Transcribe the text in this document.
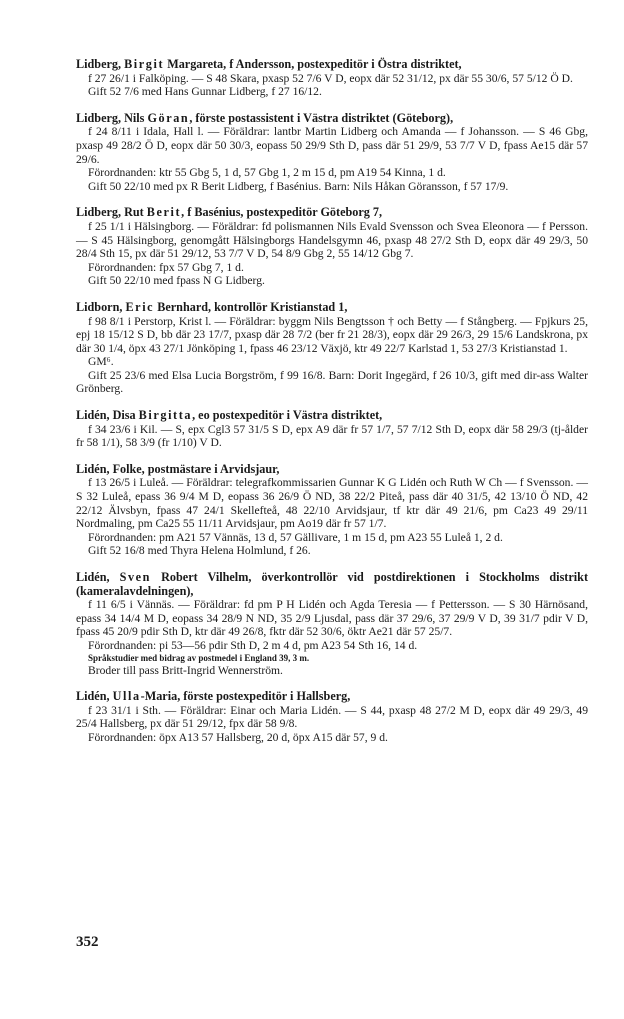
Lidberg, Birgit Margareta, f Andersson, postexpeditör i Östra distriktet,

f 27 26/1 i Falköping. — S 48 Skara, pxasp 52 7/6 V D, eopx där 52 31/12, px där 55 30/6, 57 5/12 Ö D.

Gift 52 7/6 med Hans Gunnar Lidberg, f 27 16/12.

Lidberg, Nils Göran, förste postassistent i Västra distriktet (Göteborg),

f 24 8/11 i Idala, Hall l. — Föräldrar: lantbr Martin Lidberg och Amanda — f Johansson. — S 46 Gbg, pxasp 49 28/2 Ö D, eopx där 50 30/3, eopass 50 29/9 Sth D, pass där 51 29/9, 53 7/7 V D, fpass Ae15 där 57 29/6.

Förordnanden: ktr 55 Gbg 5, 1 d, 57 Gbg 1, 2 m 15 d, pm A19 54 Kinna, 1 d.

Gift 50 22/10 med px R Berit Lidberg, f Basénius. Barn: Nils Håkan Göransson, f 57 17/9.

Lidberg, Rut Berit, f Basénius, postexpeditör Göteborg 7,

f 25 1/1 i Hälsingborg. — Föräldrar: fd polismannen Nils Evald Svensson och Svea Eleonora — f Persson. — S 45 Hälsingborg, genomgått Hälsingborgs Handelsgymn 46, pxasp 48 27/2 Sth D, eopx där 49 29/3, 50 28/4 Sth 15, px där 51 29/12, 53 7/7 V D, 54 8/9 Gbg 2, 55 14/12 Gbg 7.

Förordnanden: fpx 57 Gbg 7, 1 d.

Gift 50 22/10 med fpass N G Lidberg.

Lidborn, Eric Bernhard, kontrollör Kristianstad 1,

f 98 8/1 i Perstorp, Krist l. — Föräldrar: byggm Nils Bengtsson † och Betty — f Stångberg. — Fpjkurs 25, epj 18 15/12 S D, bb där 23 17/7, pxasp där 28 7/2 (ber fr 21 28/3), eopx där 29 26/3, 29 15/6 Landskrona, px där 30 1/4, öpx 43 27/1 Jönköping 1, fpass 46 23/12 Växjö, ktr 49 22/7 Karlstad 1, 53 27/3 Kristianstad 1.

GM⁶.

Gift 25 23/6 med Elsa Lucia Borgström, f 99 16/8. Barn: Dorit Ingegärd, f 26 10/3, gift med dir-ass Walter Grönberg.

Lidén, Disa Birgitta, eo postexpeditör i Västra distriktet,

f 34 23/6 i Kil. — S, epx Cgl3 57 31/5 S D, epx A9 där fr 57 1/7, 57 7/12 Sth D, eopx där 58 29/3 (tj-ålder fr 58 1/1), 58 3/9 (fr 1/10) V D.

Lidén, Folke, postmästare i Arvidsjaur,

f 13 26/5 i Luleå. — Föräldrar: telegrafkommissarien Gunnar K G Lidén och Ruth W Ch — f Svensson. — S 32 Luleå, epass 36 9/4 M D, eopass 36 26/9 Ö ND, 38 22/2 Piteå, pass där 40 31/5, 42 13/10 Ö ND, 42 22/12 Älvsbyn, fpass 47 24/1 Skellefteå, 48 22/10 Arvidsjaur, tf ktr där 49 21/6, pm Ca23 49 29/11 Nordmaling, pm Ca25 55 11/11 Arvidsjaur, pm Ao19 där fr 57 1/7.

Förordnanden: pm A21 57 Vännäs, 13 d, 57 Gällivare, 1 m 15 d, pm A23 55 Luleå 1, 2 d.

Gift 52 16/8 med Thyra Helena Holmlund, f 26.

Lidén, Sven Robert Vilhelm, överkontrollör vid postdirektionen i Stockholms distrikt (kameralavdelningen),

f 11 6/5 i Vännäs. — Föräldrar: fd pm P H Lidén och Agda Teresia — f Pettersson. — S 30 Härnösand, epass 34 14/4 M D, eopass 34 28/9 N ND, 35 2/9 Ljusdal, pass där 37 29/6, 37 29/9 V D, 39 31/7 pdir V D, fpass 45 20/9 pdir Sth D, ktr där 49 26/8, fktr där 52 30/6, öktr Ae21 där 57 25/7.

Förordnanden: pi 53—56 pdir Sth D, 2 m 4 d, pm A23 54 Sth 16, 14 d.

Språkstudier med bidrag av postmedel i England 39, 3 m.

Broder till pass Britt-Ingrid Wennerström.

Lidén, Ulla-Maria, förste postexpeditör i Hallsberg,

f 23 31/1 i Sth. — Föräldrar: Einar och Maria Lidén. — S 44, pxasp 48 27/2 M D, eopx där 49 29/3, 49 25/4 Hallsberg, px där 51 29/12, fpx där 58 9/8.

Förordnanden: öpx A13 57 Hallsberg, 20 d, öpx A15 där 57, 9 d.

352
